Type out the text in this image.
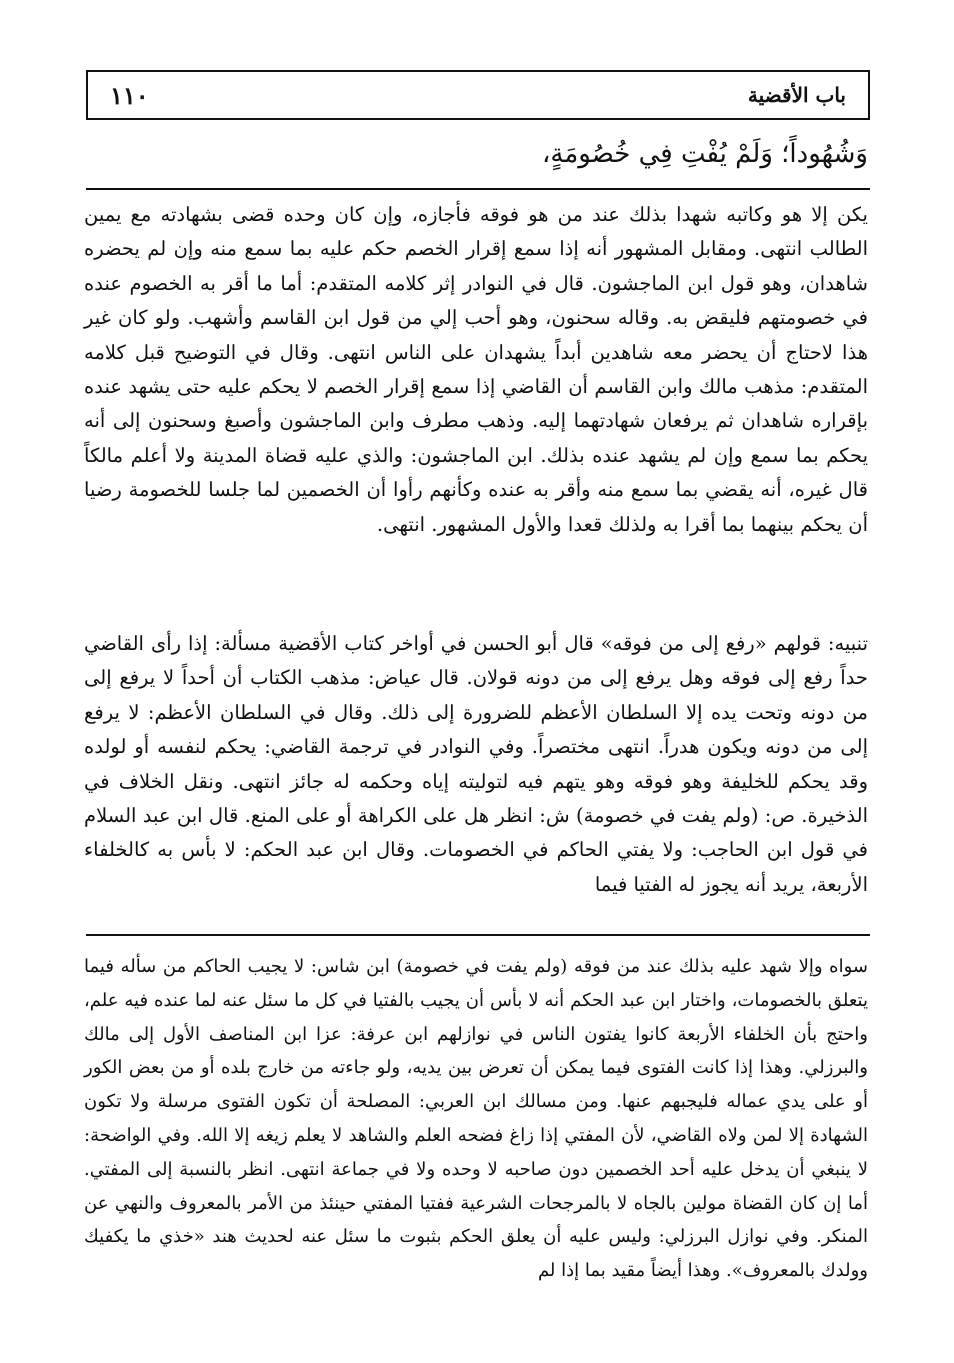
١١٠	باب الأقضية
وَشُهُوداً؛ وَلَمْ يُفْتِ فِي خُصُومَةٍ،

يكن إلا هو وكاتبه شهدا بذلك عند من هو فوقه فأجازه، وإن كان وحده قضى بشهادته مع يمين الطالب انتهى. ومقابل المشهور أنه إذا سمع إقرار الخصم حكم عليه بما سمع منه وإن لم يحضره شاهدان، وهو قول ابن الماجشون. قال في النوادر إثر كلامه المتقدم: أما ما أقر به الخصوم عنده في خصومتهم فليقض به. وقاله سحنون، وهو أحب إلي من قول ابن القاسم وأشهب. ولو كان غير هذا لاحتاج أن يحضر معه شاهدين أبداً يشهدان على الناس انتهى. وقال في التوضيح قبل كلامه المتقدم: مذهب مالك وابن القاسم أن القاضي إذا سمع إقرار الخصم لا يحكم عليه حتى يشهد عنده بإقراره شاهدان ثم يرفعان شهادتهما إليه. وذهب مطرف وابن الماجشون وأصبغ وسحنون إلى أنه يحكم بما سمع وإن لم يشهد عنده بذلك. ابن الماجشون: والذي عليه قضاة المدينة ولا أعلم مالكاً قال غيره، أنه يقضي بما سمع منه وأقر به عنده وكأنهم رأوا أن الخصمين لما جلسا للخصومة رضيا أن يحكم بينهما بما أقرا به ولذلك قعدا والأول المشهور. انتهى.

تنبيه: قولهم «رفع إلى من فوقه» قال أبو الحسن في أواخر كتاب الأقضية مسألة: إذا رأى القاضي حداً رفع إلى فوقه وهل يرفع إلى من دونه قولان. قال عياض: مذهب الكتاب أن أحداً لا يرفع إلى من دونه وتحت يده إلا السلطان الأعظم للضرورة إلى ذلك. وقال في السلطان الأعظم: لا يرفع إلى من دونه ويكون هدراً. انتهى مختصراً. وفي النوادر في ترجمة القاضي: يحكم لنفسه أو لولده وقد يحكم للخليفة وهو فوقه وهو يتهم فيه لتوليته إياه وحكمه له جائز انتهى. ونقل الخلاف في الذخيرة. ص: (ولم يفت في خصومة) ش: انظر هل على الكراهة أو على المنع. قال ابن عبد السلام في قول ابن الحاجب: ولا يفتي الحاكم في الخصومات. وقال ابن عبد الحكم: لا بأس به كالخلفاء الأربعة، يريد أنه يجوز له الفتيا فيما

سواه وإلا شهد عليه بذلك عند من فوقه (ولم يفت في خصومة) ابن شاس: لا يجيب الحاكم من سأله فيما يتعلق بالخصومات، واختار ابن عبد الحكم أنه لا بأس أن يجيب بالفتيا في كل ما سئل عنه لما عنده فيه علم، واحتج بأن الخلفاء الأربعة كانوا يفتون الناس في نوازلهم ابن عرفة: عزا ابن المناصف الأول إلى مالك والبرزلي. وهذا إذا كانت الفتوى فيما يمكن أن تعرض بين يديه، ولو جاءته من خارج بلده أو من بعض الكور أو على يدي عماله فليجبهم عنها. ومن مسالك ابن العربي: المصلحة أن تكون الفتوى مرسلة ولا تكون الشهادة إلا لمن ولاه القاضي، لأن المفتي إذا زاغ فضحه العلم والشاهد لا يعلم زيغه إلا الله. وفي الواضحة: لا ينبغي أن يدخل عليه أحد الخصمين دون صاحبه لا وحده ولا في جماعة انتهى. انظر بالنسبة إلى المفتي. أما إن كان القضاة مولين بالجاه لا بالمرجحات الشرعية ففتيا المفتي حينئذ من الأمر بالمعروف والنهي عن المنكر. وفي نوازل البرزلي: وليس عليه أن يعلق الحكم بثبوت ما سئل عنه لحديث هند «خذي ما يكفيك وولدك بالمعروف». وهذا أيضاً مقيد بما إذا لم
